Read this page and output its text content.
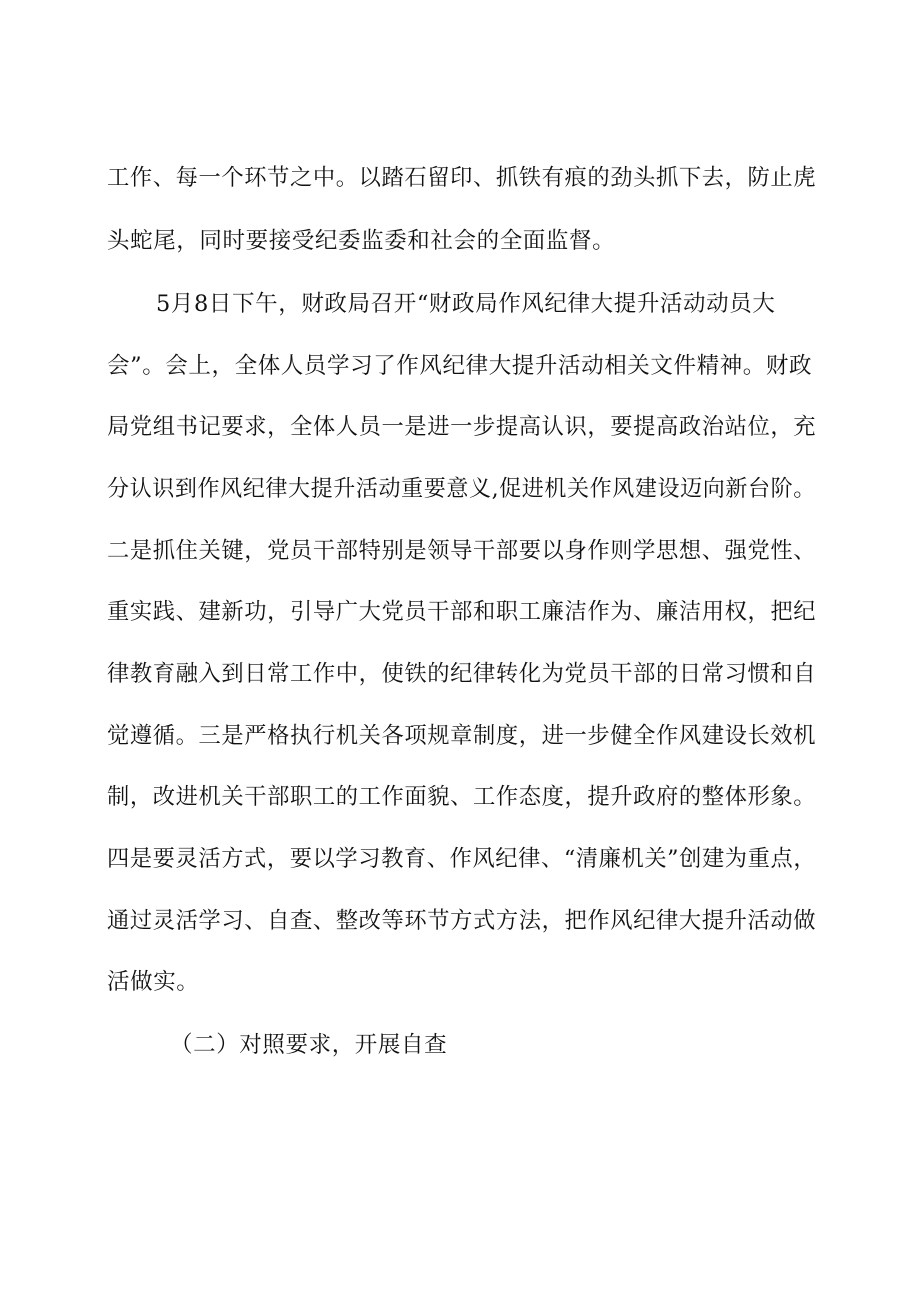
工作、每一个环节之中。以踏石留印、抓铁有痕的劲头抓下去，防止虎
头蛇尾，同时要接受纪委监委和社会的全面监督。
5月8日下午，财政局召开“财政局作风纪律大提升活动动员大
会”。会上，全体人员学习了作风纪律大提升活动相关文件精神。财政
局党组书记要求，全体人员一是进一步提高认识，要提高政治站位，充
分认识到作风纪律大提升活动重要意义,促进机关作风建设迈向新台阶。
二是抓住关键，党员干部特别是领导干部要以身作则学思想、强党性、
重实践、建新功，引导广大党员干部和职工廉洁作为、廉洁用权，把纪
律教育融入到日常工作中，使铁的纪律转化为党员干部的日常习惯和自
觉遵循。三是严格执行机关各项规章制度，进一步健全作风建设长效机
制，改进机关干部职工的工作面貌、工作态度，提升政府的整体形象。
四是要灵活方式，要以学习教育、作风纪律、“清廉机关”创建为重点，
通过灵活学习、自查、整改等环节方式方法，把作风纪律大提升活动做
活做实。
（二）对照要求，开展自查
